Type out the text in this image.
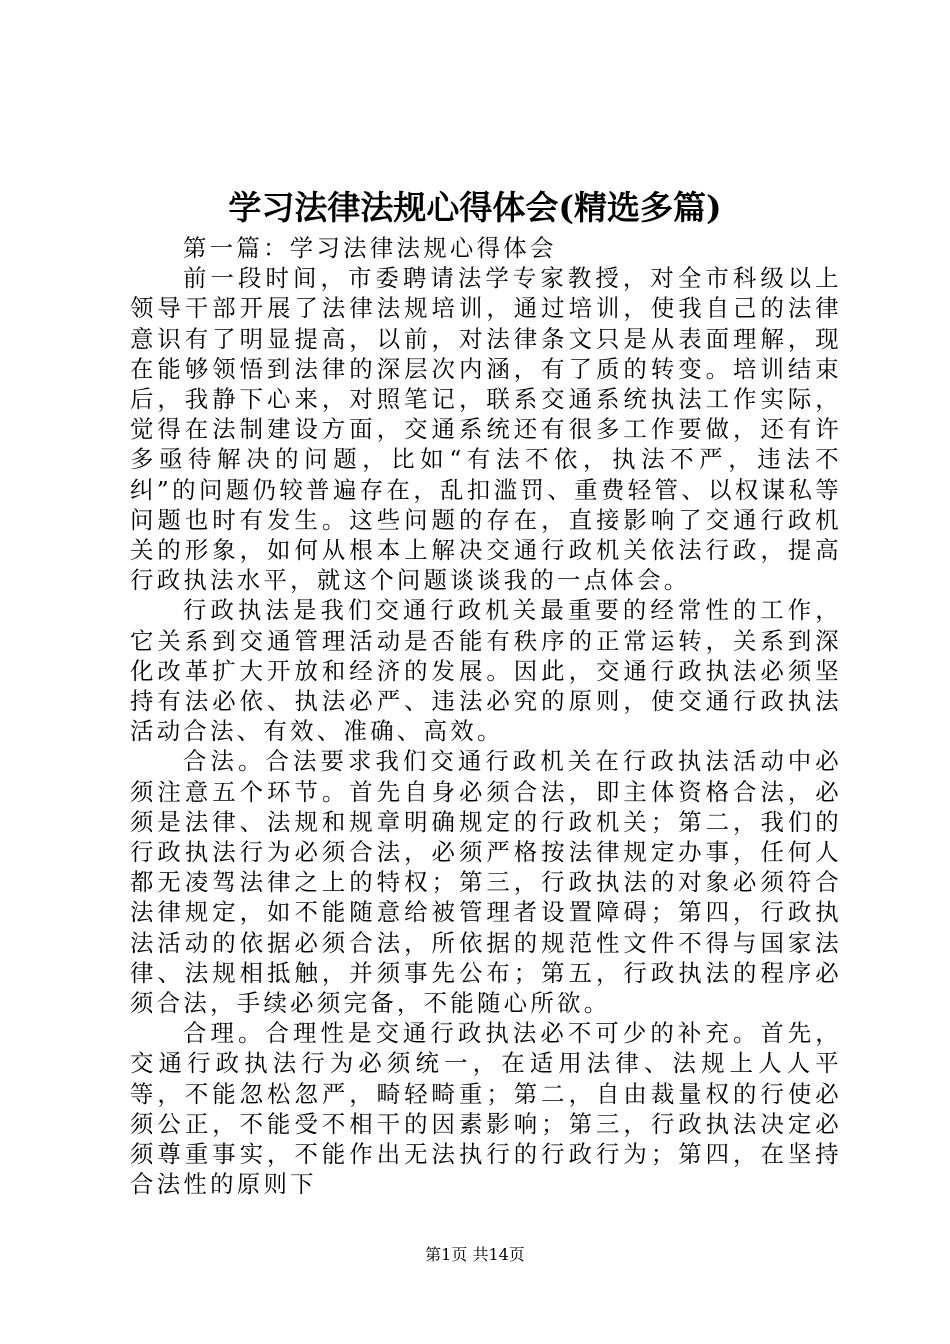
学习法律法规心得体会(精选多篇)

第一篇：学习法律法规心得体会

前一段时间，市委聘请法学专家教授，对全市科级以上领导干部开展了法律法规培训，通过培训，使我自己的法律意识有了明显提高，以前，对法律条文只是从表面理解，现在能够领悟到法律的深层次内涵，有了质的转变。培训结束后，我静下心来，对照笔记，联系交通系统执法工作实际，觉得在法制建设方面，交通系统还有很多工作要做，还有许多亟待解决的问题，比如“有法不依，执法不严，违法不纠”的问题仍较普遍存在，乱扣滥罚、重费轻管、以权谋私等问题也时有发生。这些问题的存在，直接影响了交通行政机关的形象，如何从根本上解决交通行政机关依法行政，提高行政执法水平，就这个问题谈谈我的一点体会。

行政执法是我们交通行政机关最重要的经常性的工作，它关系到交通管理活动是否能有秩序的正常运转，关系到深化改革扩大开放和经济的发展。因此，交通行政执法必须坚持有法必依、执法必严、违法必究的原则，使交通行政执法活动合法、有效、准确、高效。

合法。合法要求我们交通行政机关在行政执法活动中必须注意五个环节。首先自身必须合法，即主体资格合法，必须是法律、法规和规章明确规定的行政机关；第二，我们的行政执法行为必须合法，必须严格按法律规定办事，任何人都无凌驾法律之上的特权；第三，行政执法的对象必须符合法律规定，如不能随意给被管理者设置障碍；第四，行政执法活动的依据必须合法，所依据的规范性文件不得与国家法律、法规相抵触，并须事先公布；第五，行政执法的程序必须合法，手续必须完备，不能随心所欲。

合理。合理性是交通行政执法必不可少的补充。首先，交通行政执法行为必须统一，在适用法律、法规上人人平等，不能忽松忽严，畸轻畸重；第二，自由裁量权的行使必须公正，不能受不相干的因素影响；第三，行政执法决定必须尊重事实，不能作出无法执行的行政行为；第四，在坚持合法性的原则下

第1页 共14页
